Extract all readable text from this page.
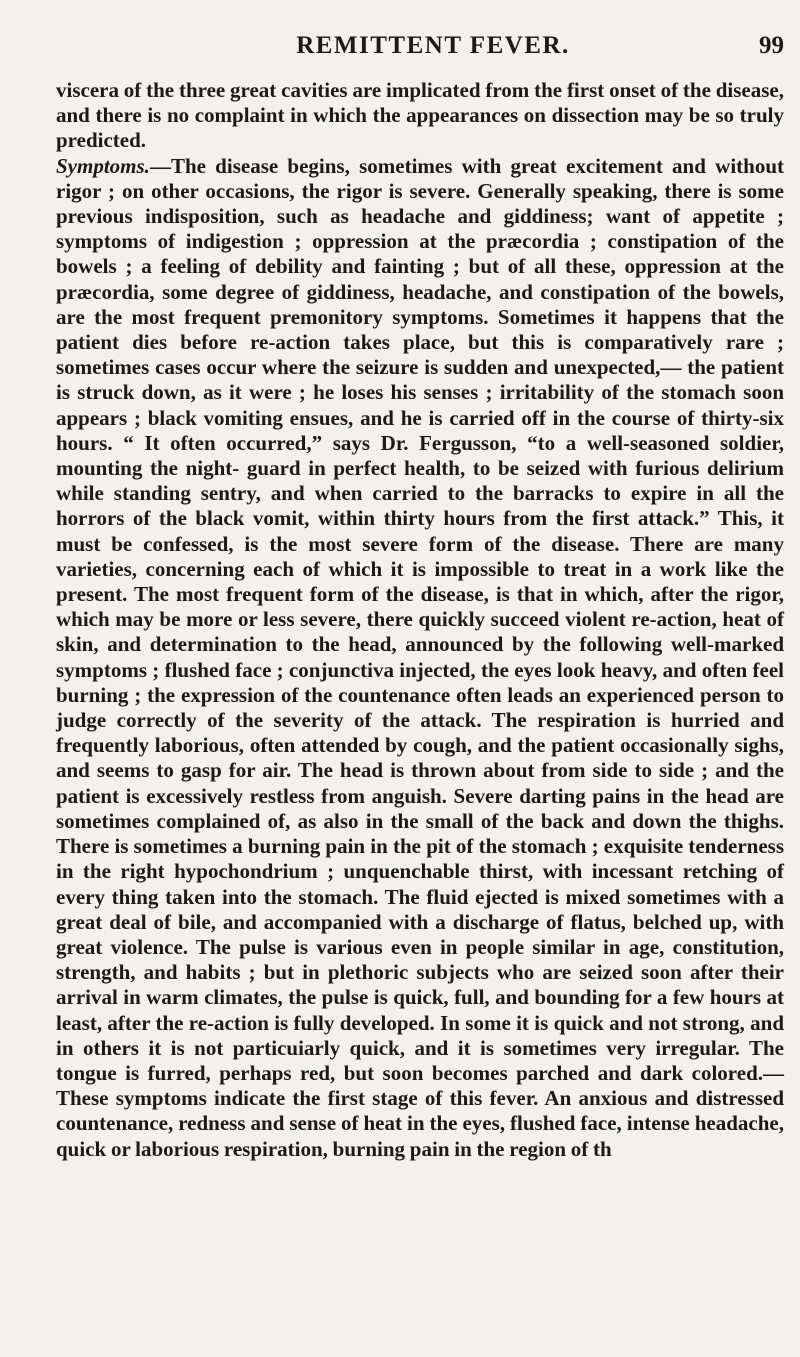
REMITTENT FEVER.	99

viscera of the three great cavities are implicated from the first onset of the disease, and there is no complaint in which the appearances on dissection may be so truly predicted.

Symptoms.—The disease begins, sometimes with great excitement and without rigor ; on other occasions, the rigor is severe. Generally speaking, there is some previous indisposition, such as headache and giddiness; want of appetite ; symptoms of indigestion ; oppression at the præcordia ; constipation of the bowels ; a feeling of debility and fainting ; but of all these, oppression at the præcordia, some degree of giddiness, headache, and constipation of the bowels, are the most frequent premonitory symptoms. Sometimes it happens that the patient dies before re-action takes place, but this is comparatively rare ; sometimes cases occur where the seizure is sudden and unexpected,— the patient is struck down, as it were ; he loses his senses ; irritability of the stomach soon appears ; black vomiting ensues, and he is carried off in the course of thirty-six hours. “ It often occurred,” says Dr. Fergusson, “to a well-seasoned soldier, mounting the night- guard in perfect health, to be seized with furious delirium while standing sentry, and when carried to the barracks to expire in all the horrors of the black vomit, within thirty hours from the first attack.” This, it must be confessed, is the most severe form of the disease. There are many varieties, concerning each of which it is impossible to treat in a work like the present. The most frequent form of the disease, is that in which, after the rigor, which may be more or less severe, there quickly succeed violent re-action, heat of skin, and determination to the head, announced by the following well-marked symptoms ; flushed face ; conjunctiva injected, the eyes look heavy, and often feel burning ; the expression of the countenance often leads an experienced person to judge correctly of the severity of the attack. The respiration is hurried and frequently laborious, often attended by cough, and the patient occasionally sighs, and seems to gasp for air. The head is thrown about from side to side ; and the patient is excessively restless from anguish. Severe darting pains in the head are sometimes complained of, as also in the small of the back and down the thighs. There is sometimes a burning pain in the pit of the stomach ; exquisite tenderness in the right hypochondrium ; unquenchable thirst, with incessant retching of every thing taken into the stomach. The fluid ejected is mixed sometimes with a great deal of bile, and accompanied with a discharge of flatus, belched up, with great violence. The pulse is various even in people similar in age, constitution, strength, and habits ; but in plethoric subjects who are seized soon after their arrival in warm climates, the pulse is quick, full, and bounding for a few hours at least, after the re-action is fully developed. In some it is quick and not strong, and in others it is not particuiarly quick, and it is sometimes very irregular. The tongue is furred, perhaps red, but soon becomes parched and dark colored.— These symptoms indicate the first stage of this fever. An anxious and distressed countenance, redness and sense of heat in the eyes, flushed face, intense headache, quick or laborious respiration, burning pain in the region of th
